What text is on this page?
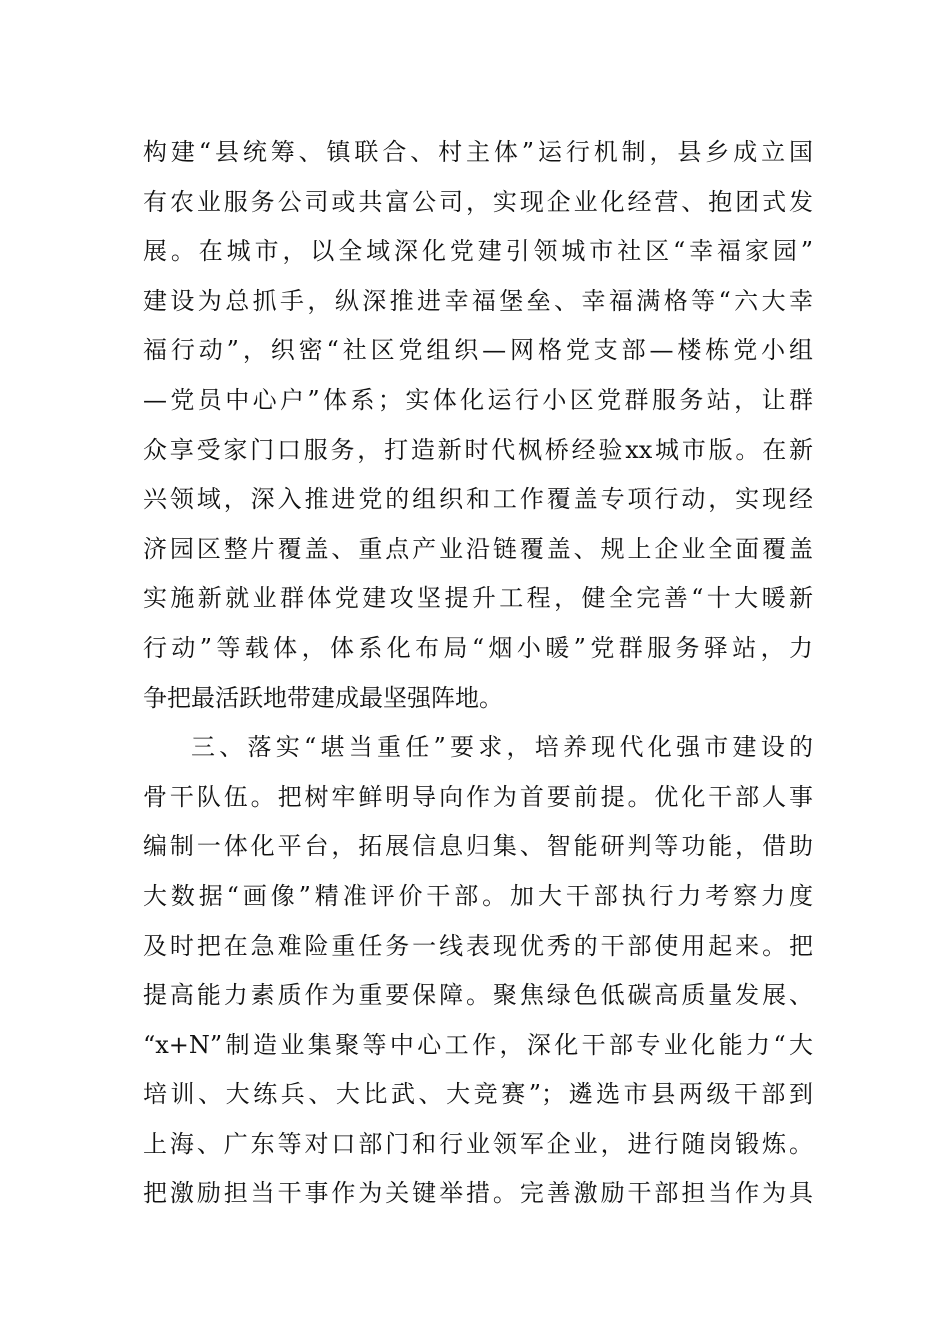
构建“县统筹、镇联合、村主体”运行机制，县乡成立国
有农业服务公司或共富公司，实现企业化经营、抱团式发
展。在城市，以全域深化党建引领城市社区“幸福家园”
建设为总抓手，纵深推进幸福堡垒、幸福满格等“六大幸
福行动”，织密“社区党组织—网格党支部—楼栋党小组
—党员中心户”体系；实体化运行小区党群服务站，让群
众享受家门口服务，打造新时代枫桥经验xx城市版。在新
兴领域，深入推进党的组织和工作覆盖专项行动，实现经
济园区整片覆盖、重点产业沿链覆盖、规上企业全面覆盖
实施新就业群体党建攻坚提升工程，健全完善“十大暖新
行动”等载体，体系化布局“烟小暖”党群服务驿站，力
争把最活跃地带建成最坚强阵地。
三、落实“堪当重任”要求，培养现代化强市建设的
骨干队伍。把树牢鲜明导向作为首要前提。优化干部人事
编制一体化平台，拓展信息归集、智能研判等功能，借助
大数据“画像”精准评价干部。加大干部执行力考察力度
及时把在急难险重任务一线表现优秀的干部使用起来。把
提高能力素质作为重要保障。聚焦绿色低碳高质量发展、
“x+N”制造业集聚等中心工作，深化干部专业化能力“大
培训、大练兵、大比武、大竞赛”；遴选市县两级干部到
上海、广东等对口部门和行业领军企业，进行随岗锻炼。
把激励担当干事作为关键举措。完善激励干部担当作为具
